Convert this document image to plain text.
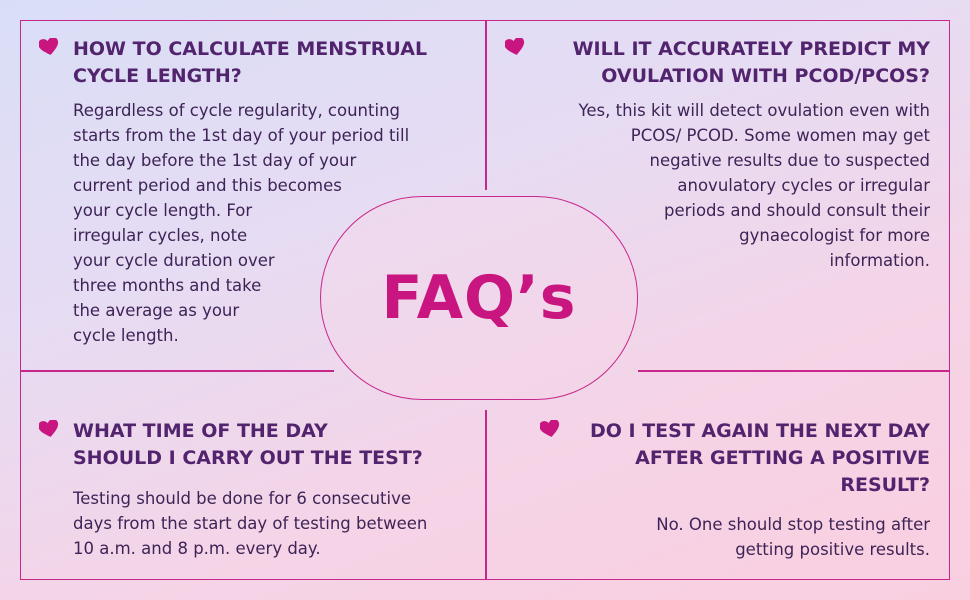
FAQ’s
HOW TO CALCULATE MENSTRUAL
CYCLE LENGTH?
Regardless of cycle regularity, counting
starts from the 1st day of your period till
the day before the 1st day of your
current period and this becomes
your cycle length. For
irregular cycles, note
your cycle duration over
three months and take
the average as your
cycle length.
WILL IT ACCURATELY PREDICT MY
OVULATION WITH PCOD/PCOS?
Yes, this kit will detect ovulation even with
PCOS/ PCOD. Some women may get
negative results due to suspected
anovulatory cycles or irregular
periods and should consult their
gynaecologist for more
information.
WHAT TIME OF THE DAY
SHOULD I CARRY OUT THE TEST?
Testing should be done for 6 consecutive
days from the start day of testing between
10 a.m. and 8 p.m. every day.
DO I TEST AGAIN THE NEXT DAY
AFTER GETTING A POSITIVE
RESULT?
No. One should stop testing after
getting positive results.
